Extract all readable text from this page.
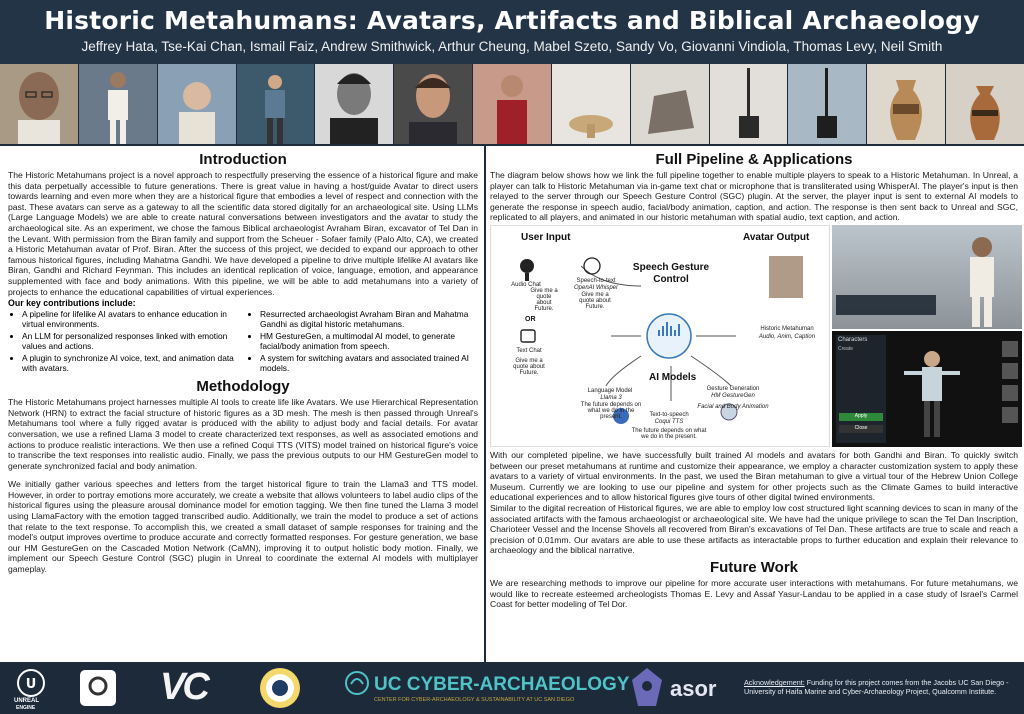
Historic Metahumans: Avatars, Artifacts and Biblical Archaeology
Jeffrey Hata, Tse-Kai Chan, Ismail Faiz, Andrew Smithwick, Arthur Cheung, Mabel Szeto, Sandy Vo, Giovanni Vindiola, Thomas Levy, Neil Smith
Introduction

The Historic Metahumans project is a novel approach to respectfully preserving the essence of a historical figure and make this data perpetually accessible to future generations. There is great value in having a host/guide Avatar to direct users towards learning and even more when they are a historical figure that embodies a level of respect and connection with the past. These avatars can serve as a gateway to all the scientific data stored digitally for an archaeological site. Using LLMs (Large Language Models) we are able to create natural conversations between investigators and the avatar to study the archaeological site. As an experiment, we chose the famous Biblical archaeologist Avraham Biran, excavator of Tel Dan in the Levant. With permission from the Biran family and support from the Scheuer - Sofaer family (Palo Alto, CA), we created a Historic Metahuman avatar of Prof. Biran. After the success of this project, we decided to expand our approach to other famous historical figures, including Mahatma Gandhi. We have developed a pipeline to drive multiple lifelike AI avatars like Biran, Gandhi and Richard Feynman. This includes an identical replication of voice, language, emotion, and appearance supplemented with face and body animations. With this pipeline, we will be able to add metahumans into a variety of projects to enhance the educational capabilities of virtual experiences.

Our key contributions include:
• A pipeline for lifelike AI avatars to enhance education in virtual environments.
• An LLM for personalized responses linked with emotion values and actions.
• A plugin to synchronize AI voice, text, and animation data with avatars.
• Resurrected archaeologist Avraham Biran and Mahatma Gandhi as digital historic metahumans.
• HM GestureGen, a multimodal AI model, to generate facial/body animation from speech.
• A system for switching avatars and associated trained AI models.
Methodology

The Historic Metahumans project harnesses multiple AI tools to create life like Avatars. We use Hierarchical Representation Network (HRN) to extract the facial structure of historic figures as a 3D mesh. The mesh is then passed through Unreal's Metahumans tool where a fully rigged avatar is produced with the ability to adjust body and facial details. For avatar conversation, we use a refined Llama 3 model to create characterized text responses, as well as associated emotions and actions to produce realistic interactions. We then use a refined Coqui TTS (VITS) model trained on historical figure's voice to transcribe the text responses into realistic audio. Finally, we pass the previous outputs to our HM GestureGen model to generate synchronized facial and body animation.

We initially gather various speeches and letters from the target historical figure to train the Llama3 and TTS model. However, in order to portray emotions more accurately, we create a website that allows volunteers to label audio clips of the historical figures using the pleasure arousal dominance model for emotion tagging. We then fine tuned the Llama 3 model using LlamaFactory with the emotion tagged transcribed audio. Additionally, we train the model to produce a set of actions that relate to the text response. To accomplish this, we created a small dataset of sample responses for training and the model's output improves overtime to produce accurate and correctly formatted responses. For gesture generation, we base our HM GestureGen on the Cascaded Motion Network (CaMN), improving it to output holistic body motion. Finally, we implement our Speech Gesture Control (SGC) plugin in Unreal to coordinate the external AI models with multiplayer gameplay.

Full Pipeline & Applications

The diagram below shows how we link the full pipeline together to enable multiple players to speak to a Historic Metahuman. In Unreal, a player can talk to Historic Metahuman via in-game text chat or microphone that is transliterated using WhisperAI. The player's input is then relayed to the server through our Speech Gesture Control (SGC) plugin. At the server, the player input is sent to external AI models to generate the response in speech audio, facial/body animation, caption, and action. The response is then sent back to Unreal and SGC, replicated to all players, and animated in our historic metahuman with spatial audio, text caption, and action.

User Input	Avatar Output
Speech Gesture Control
AI Models
Audio Chat
Give me a quote about Future.
Speech-to-text
OpenAI Whisper
Give me a quote about Future.
OR
Text Chat
Give me a quote about Future.
Historic Metahuman
Audio, Anim, Caption
Language Model
Llama 3
The future depends on what we do in the present.
Gesture Generation
HM GestureGen
Facial and Body Animation
Text-to-speech
Coqui TTS
The future depends on what we do in the present.
Characters
Create
Apply
Close

With our completed pipeline, we have successfully built trained AI models and avatars for both Gandhi and Biran. To quickly switch between our preset metahumans at runtime and customize their appearance, we employ a character customization system to apply these avatars to a variety of virtual environments. In the past, we used the Biran metahuman to give a virtual tour of the Hebrew Union College Museum. Currently we are looking to use our pipeline and system for other projects such as the Climate Games to build interactive educational experiences and to allow historical figures give tours of other digital twined environments.

Similar to the digital recreation of Historical figures, we are able to employ low cost structured light scanning devices to scan in many of the associated artifacts with the famous archaeologist or archaeological site. We have had the unique privilege to scan the Tel Dan Inscription, Charioteer Vessel and the Incense Shovels all recovered from Biran's excavations of Tel Dan. These artifacts are true to scale and reach a precision of 0.01mm. Our avatars are able to use these artifacts as interactable props to further education and explain their relevance to archaeology and the biblical narrative.

Future Work

We are researching methods to improve our pipeline for more accurate user interactions with metahumans. For future metahumans, we would like to recreate esteemed archeologists Thomas E. Levy and Assaf Yasur-Landau to be applied in a case study of Israel's Carmel Coast for better modeling of Tel Dor.

U
UNREAL
ENGINE	VC	UC CYBER-ARCHAEOLOGY
CENTER FOR CYBER-ARCHAEOLOGY & SUSTAINABILITY AT UC SAN DIEGO	asor	Acknowledgement: Funding for this project comes from the Jacobs UC San Diego - University of Haifa Marine and Cyber-Archaeology Project, Qualcomm Institute.
